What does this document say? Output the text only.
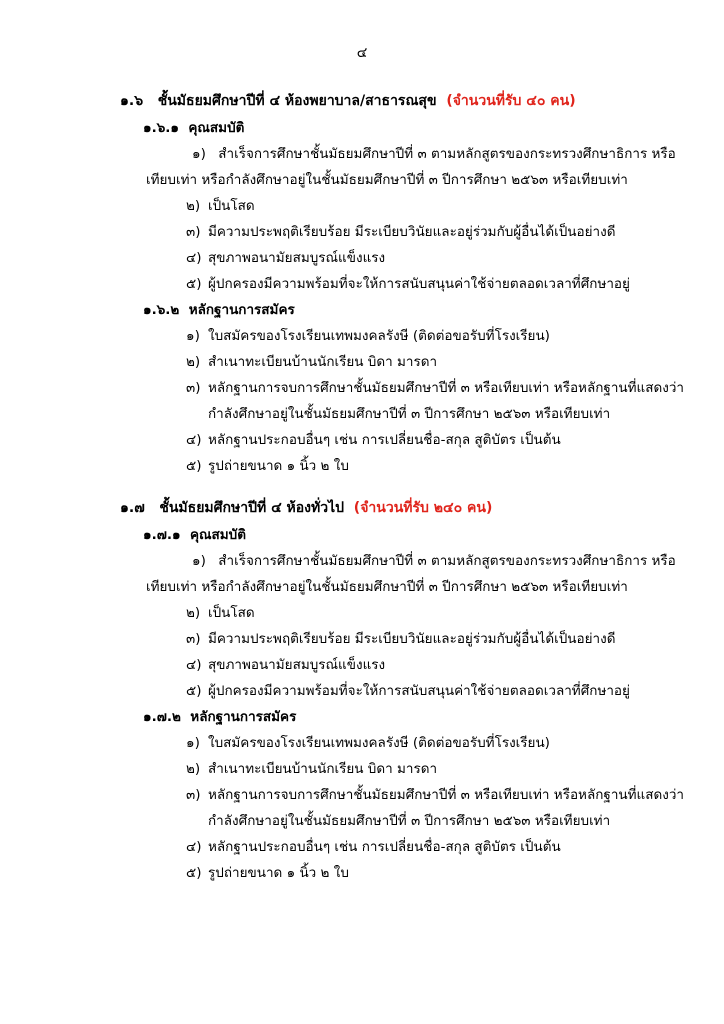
๔
๑.๖ ชั้นมัธยมศึกษาปีที่ ๔ ห้องพยาบาล/สาธารณสุข (จำนวนที่รับ ๔๐ คน)
๑.๖.๑ คุณสมบัติ
๑) สำเร็จการศึกษาชั้นมัธยมศึกษาปีที่ ๓ ตามหลักสูตรของกระทรวงศึกษาธิการ หรือ
เทียบเท่า หรือกำลังศึกษาอยู่ในชั้นมัธยมศึกษาปีที่ ๓ ปีการศึกษา ๒๕๖๓ หรือเทียบเท่า
๒) เป็นโสด
๓) มีความประพฤติเรียบร้อย มีระเบียบวินัยและอยู่ร่วมกับผู้อื่นได้เป็นอย่างดี
๔) สุขภาพอนามัยสมบูรณ์แข็งแรง
๕) ผู้ปกครองมีความพร้อมที่จะให้การสนับสนุนค่าใช้จ่ายตลอดเวลาที่ศึกษาอยู่
๑.๖.๒ หลักฐานการสมัคร
๑) ใบสมัครของโรงเรียนเทพมงคลรังษี (ติดต่อขอรับที่โรงเรียน)
๒) สำเนาทะเบียนบ้านนักเรียน บิดา มารดา
๓) หลักฐานการจบการศึกษาชั้นมัธยมศึกษาปีที่ ๓ หรือเทียบเท่า หรือหลักฐานที่แสดงว่า
กำลังศึกษาอยู่ในชั้นมัธยมศึกษาปีที่ ๓ ปีการศึกษา ๒๕๖๓ หรือเทียบเท่า
๔) หลักฐานประกอบอื่นๆ เช่น การเปลี่ยนชื่อ-สกุล สูติบัตร เป็นต้น
๕) รูปถ่ายขนาด ๑ นิ้ว ๒ ใบ
๑.๗ ชั้นมัธยมศึกษาปีที่ ๔ ห้องทั่วไป (จำนวนที่รับ ๒๔๐ คน)
๑.๗.๑ คุณสมบัติ
๑) สำเร็จการศึกษาชั้นมัธยมศึกษาปีที่ ๓ ตามหลักสูตรของกระทรวงศึกษาธิการ หรือ
เทียบเท่า หรือกำลังศึกษาอยู่ในชั้นมัธยมศึกษาปีที่ ๓ ปีการศึกษา ๒๕๖๓ หรือเทียบเท่า
๒) เป็นโสด
๓) มีความประพฤติเรียบร้อย มีระเบียบวินัยและอยู่ร่วมกับผู้อื่นได้เป็นอย่างดี
๔) สุขภาพอนามัยสมบูรณ์แข็งแรง
๕) ผู้ปกครองมีความพร้อมที่จะให้การสนับสนุนค่าใช้จ่ายตลอดเวลาที่ศึกษาอยู่
๑.๗.๒ หลักฐานการสมัคร
๑) ใบสมัครของโรงเรียนเทพมงคลรังษี (ติดต่อขอรับที่โรงเรียน)
๒) สำเนาทะเบียนบ้านนักเรียน บิดา มารดา
๓) หลักฐานการจบการศึกษาชั้นมัธยมศึกษาปีที่ ๓ หรือเทียบเท่า หรือหลักฐานที่แสดงว่า
กำลังศึกษาอยู่ในชั้นมัธยมศึกษาปีที่ ๓ ปีการศึกษา ๒๕๖๓ หรือเทียบเท่า
๔) หลักฐานประกอบอื่นๆ เช่น การเปลี่ยนชื่อ-สกุล สูติบัตร เป็นต้น
๕) รูปถ่ายขนาด ๑ นิ้ว ๒ ใบ
